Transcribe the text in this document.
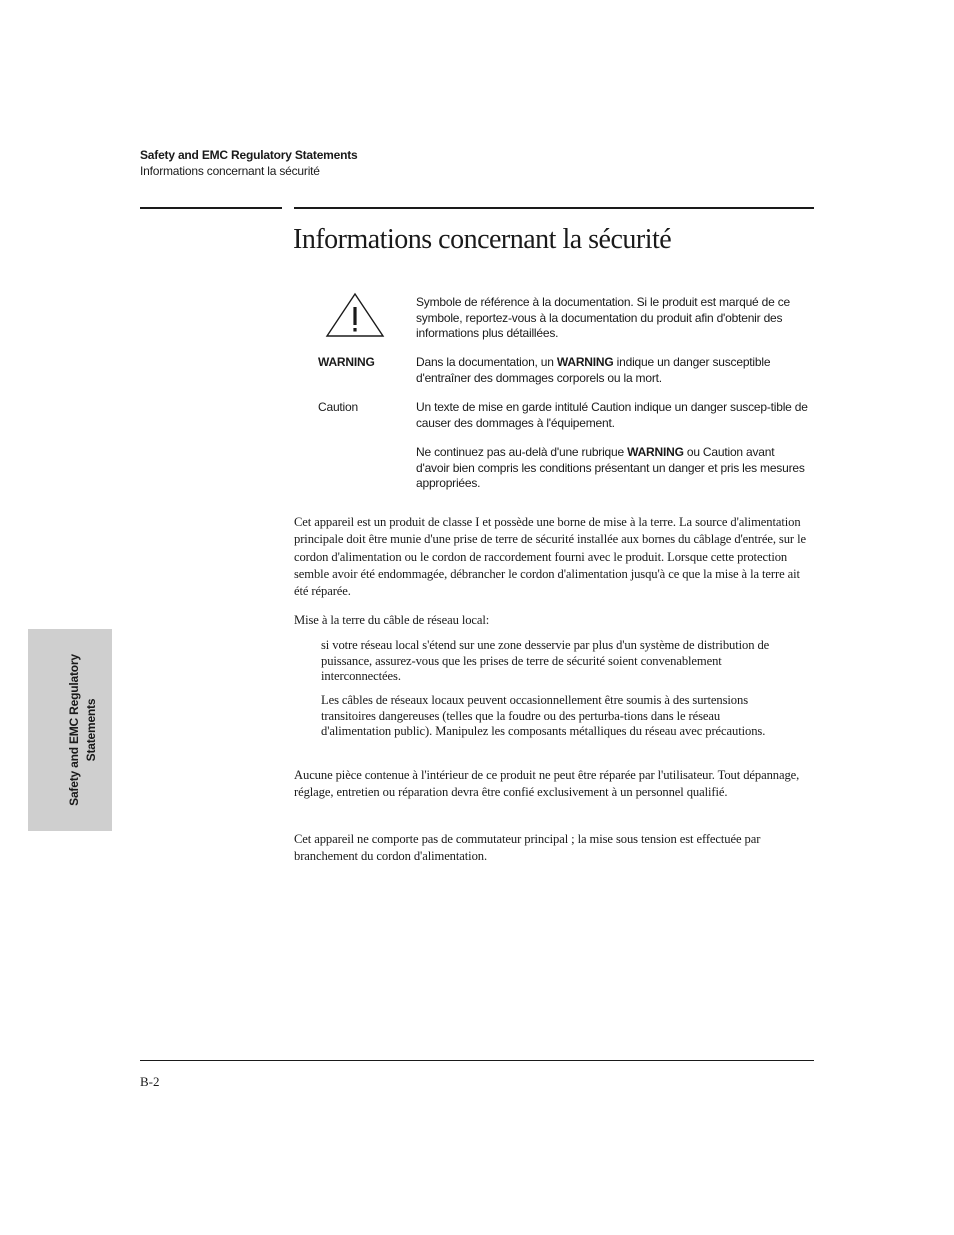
Safety and EMC Regulatory Statements
Informations concernant la sécurité
Informations concernant la sécurité
Symbole de référence à la documentation. Si le produit est marqué de ce symbole, reportez-vous à la documentation du produit afin d'obtenir des informations plus détaillées.
WARNING	Dans la documentation, un WARNING indique un danger susceptible d'entraîner des dommages corporels ou la mort.
Caution	Un texte de mise en garde intitulé Caution indique un danger suscep-tible de causer des dommages à l'équipement.
Ne continuez pas au-delà d'une rubrique WARNING ou Caution avant d'avoir bien compris les conditions présentant un danger et pris les mesures appropriées.

Cet appareil est un produit de classe I et possède une borne de mise à la terre. La source d'alimentation principale doit être munie d'une prise de terre de sécurité installée aux bornes du câblage d'entrée, sur le cordon d'alimentation ou le cordon de raccordement fourni avec le produit. Lorsque cette protection semble avoir été endommagée, débrancher le cordon d'alimentation jusqu'à ce que la mise à la terre ait été réparée.

Mise à la terre du câble de réseau local:

si votre réseau local s'étend sur une zone desservie par plus d'un système de distribution de puissance, assurez-vous que les prises de terre de sécurité soient convenablement interconnectées.

Les câbles de réseaux locaux peuvent occasionnellement être soumis à des surtensions transitoires dangereuses (telles que la foudre ou des perturba-tions dans le réseau d'alimentation public). Manipulez les composants métalliques du réseau avec précautions.

Aucune pièce contenue à l'intérieur de ce produit ne peut être réparée par l'utilisateur. Tout dépannage, réglage, entretien ou réparation devra être confié exclusivement à un personnel qualifié.

Cet appareil ne comporte pas de commutateur principal ; la mise sous tension est effectuée par branchement du cordon d'alimentation.

Safety and EMC Regulatory Statements
B-2
